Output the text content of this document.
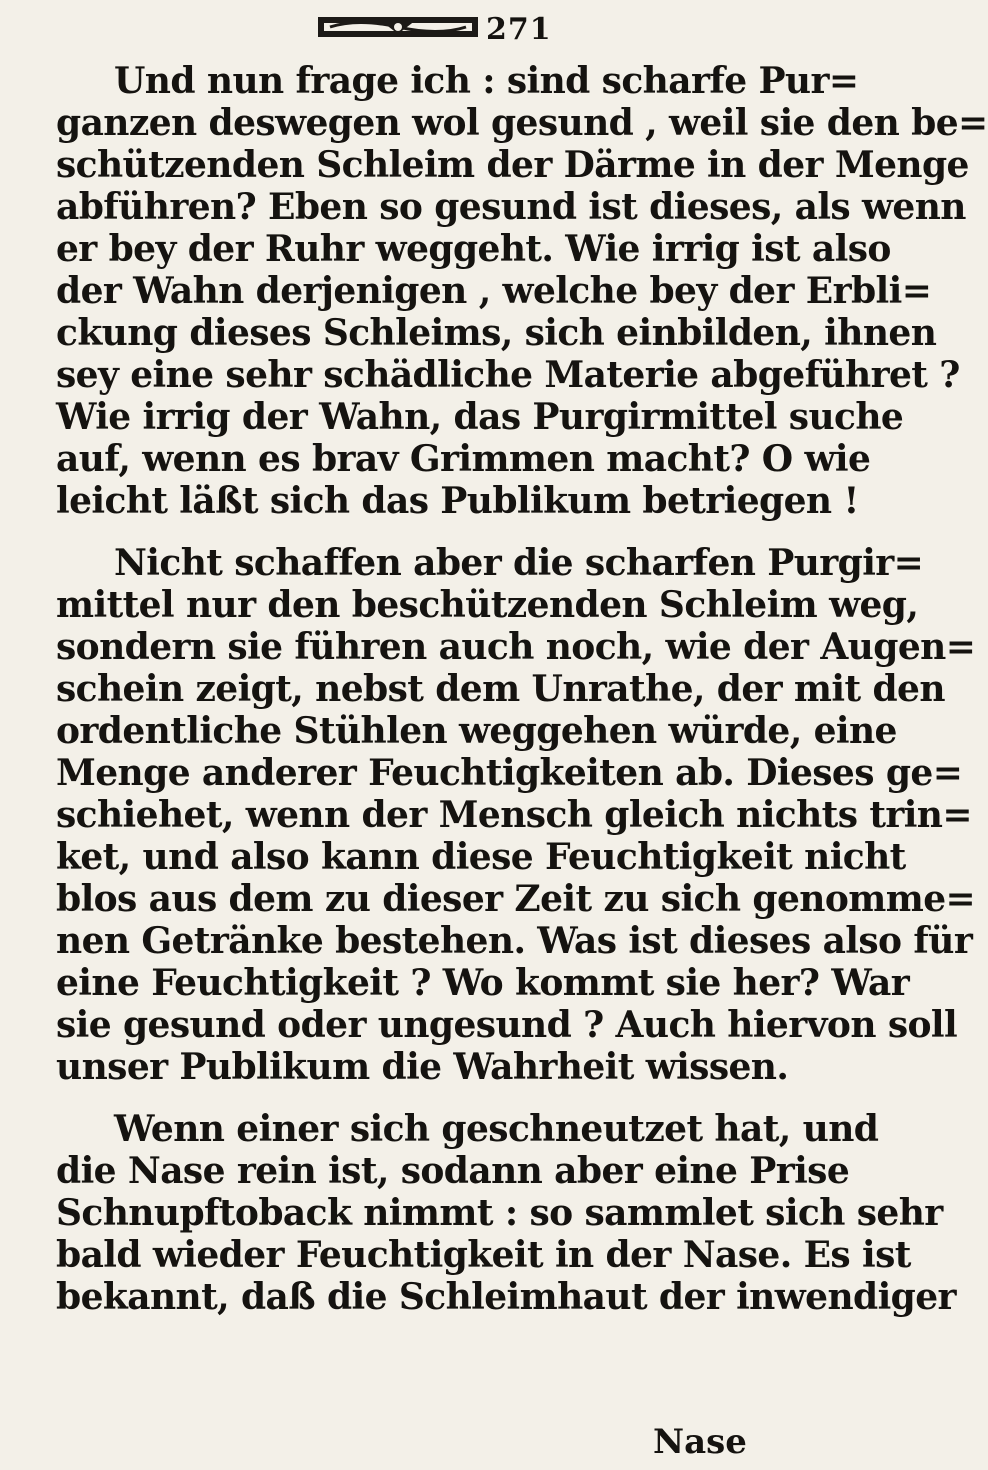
271
Und nun frage ich : sind scharfe Pur=
ganzen deswegen wol gesund , weil sie den be=
schützenden Schleim der Därme in der Menge
abführen? Eben so gesund ist dieses, als wenn
er bey der Ruhr weggeht. Wie irrig ist also
der Wahn derjenigen , welche bey der Erbli=
ckung dieses Schleims, sich einbilden, ihnen
sey eine sehr schädliche Materie abgeführet ?
Wie irrig der Wahn, das Purgirmittel suche
auf, wenn es brav Grimmen macht? O wie
leicht läßt sich das Publikum betriegen !
Nicht schaffen aber die scharfen Purgir=
mittel nur den beschützenden Schleim weg,
sondern sie führen auch noch, wie der Augen=
schein zeigt, nebst dem Unrathe, der mit den
ordentliche Stühlen weggehen würde, eine
Menge anderer Feuchtigkeiten ab. Dieses ge=
schiehet, wenn der Mensch gleich nichts trin=
ket, und also kann diese Feuchtigkeit nicht
blos aus dem zu dieser Zeit zu sich genomme=
nen Getränke bestehen. Was ist dieses also für
eine Feuchtigkeit ? Wo kommt sie her? War
sie gesund oder ungesund ? Auch hiervon soll
unser Publikum die Wahrheit wissen.
Wenn einer sich geschneutzet hat, und
die Nase rein ist, sodann aber eine Prise
Schnupftoback nimmt : so sammlet sich sehr
bald wieder Feuchtigkeit in der Nase. Es ist
bekannt, daß die Schleimhaut der inwendiger
Nase
